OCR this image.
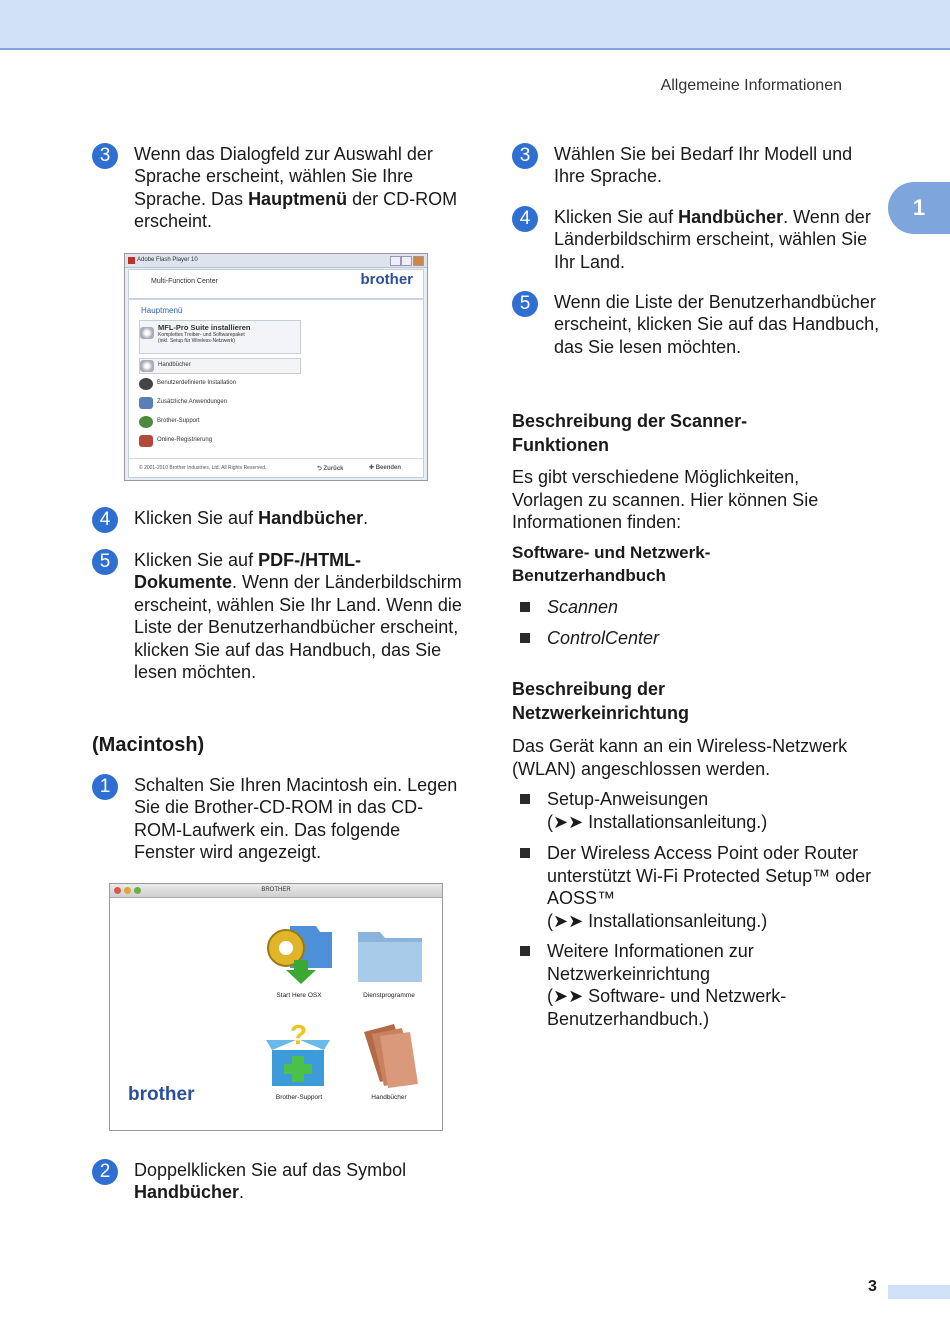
Allgemeine Informationen
1
3	Wenn das Dialogfeld zur Auswahl der Sprache erscheint, wählen Sie Ihre Sprache. Das Hauptmenü der CD-ROM erscheint.
Adobe Flash Player 10
Multi-Function Center	brother
Hauptmenü
MFL-Pro Suite installieren
Komplettes Treiber- und Softwarepaket
(inkl. Setup für Wireless-Netzwerk)
Handbücher
Benutzerdefinierte Installation
Zusätzliche Anwendungen
Brother-Support
Online-Registrierung
© 2001-2010 Brother Industries, Ltd. All Rights Reserved.	⮌ Zurück	✚ Beenden
4	Klicken Sie auf Handbücher.
5	Klicken Sie auf PDF-/HTML-Dokumente. Wenn der Länderbildschirm erscheint, wählen Sie Ihr Land. Wenn die Liste der Benutzerhandbücher erscheint, klicken Sie auf das Handbuch, das Sie lesen möchten.
(Macintosh)
1	Schalten Sie Ihren Macintosh ein. Legen Sie die Brother-CD-ROM in das CD-ROM-Laufwerk ein. Das folgende Fenster wird angezeigt.
BROTHER
Start Here OSX	Dienstprogramme
?
Brother-Support	Handbücher
brother
2	Doppelklicken Sie auf das Symbol Handbücher.
3	Wählen Sie bei Bedarf Ihr Modell und Ihre Sprache.
4	Klicken Sie auf Handbücher. Wenn der Länderbildschirm erscheint, wählen Sie Ihr Land.
5	Wenn die Liste der Benutzerhandbücher erscheint, klicken Sie auf das Handbuch, das Sie lesen möchten.
Beschreibung der Scanner-Funktionen
Es gibt verschiedene Möglichkeiten, Vorlagen zu scannen. Hier können Sie Informationen finden:
Software- und Netzwerk-Benutzerhandbuch
Scannen
ControlCenter
Beschreibung der Netzwerkeinrichtung
Das Gerät kann an ein Wireless-Netzwerk (WLAN) angeschlossen werden.
Setup-Anweisungen
(➤➤ Installationsanleitung.)
Der Wireless Access Point oder Router unterstützt Wi-Fi Protected Setup™ oder AOSS™
(➤➤ Installationsanleitung.)
Weitere Informationen zur Netzwerkeinrichtung
(➤➤ Software- und Netzwerk-Benutzerhandbuch.)
3
